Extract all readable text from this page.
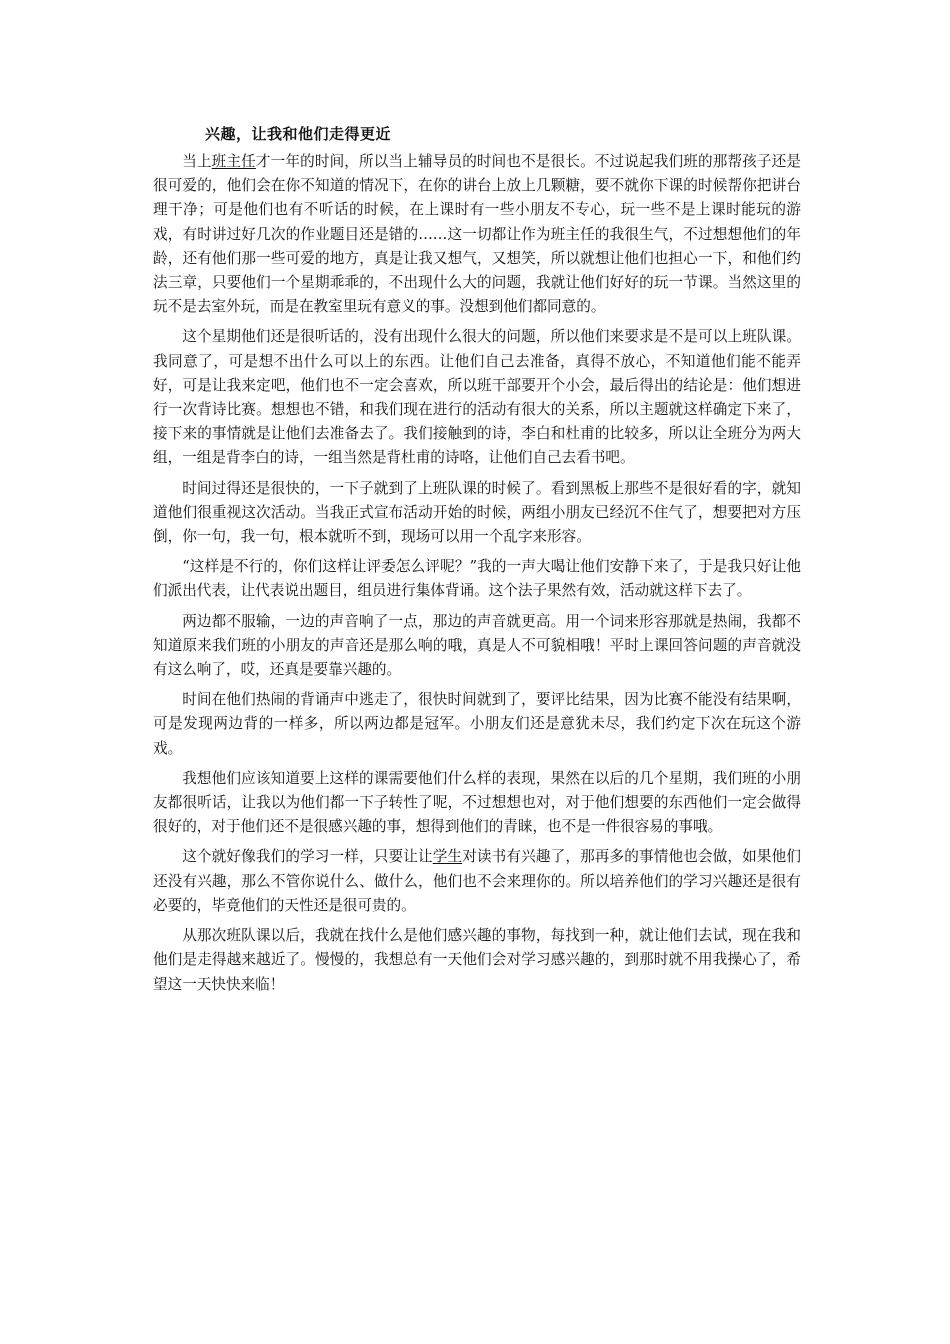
兴趣，让我和他们走得更近

当上班主任才一年的时间，所以当上辅导员的时间也不是很长。不过说起我们班的那帮孩子还是很可爱的，他们会在你不知道的情况下，在你的讲台上放上几颗糖，要不就你下课的时候帮你把讲台理干净；可是他们也有不听话的时候，在上课时有一些小朋友不专心，玩一些不是上课时能玩的游戏，有时讲过好几次的作业题目还是错的……这一切都让作为班主任的我很生气，不过想想他们的年龄，还有他们那一些可爱的地方，真是让我又想气，又想笑，所以就想让他们也担心一下，和他们约法三章，只要他们一个星期乖乖的，不出现什么大的问题，我就让他们好好的玩一节课。当然这里的玩不是去室外玩，而是在教室里玩有意义的事。没想到他们都同意的。

这个星期他们还是很听话的，没有出现什么很大的问题，所以他们来要求是不是可以上班队课。我同意了，可是想不出什么可以上的东西。让他们自己去准备，真得不放心，不知道他们能不能弄好，可是让我来定吧，他们也不一定会喜欢，所以班干部要开个小会，最后得出的结论是：他们想进行一次背诗比赛。想想也不错，和我们现在进行的活动有很大的关系，所以主题就这样确定下来了，接下来的事情就是让他们去准备去了。我们接触到的诗，李白和杜甫的比较多，所以让全班分为两大组，一组是背李白的诗，一组当然是背杜甫的诗咯，让他们自己去看书吧。

时间过得还是很快的，一下子就到了上班队课的时候了。看到黑板上那些不是很好看的字，就知道他们很重视这次活动。当我正式宣布活动开始的时候，两组小朋友已经沉不住气了，想要把对方压倒，你一句，我一句，根本就听不到，现场可以用一个乱字来形容。

“这样是不行的，你们这样让评委怎么评呢？”我的一声大喝让他们安静下来了，于是我只好让他们派出代表，让代表说出题目，组员进行集体背诵。这个法子果然有效，活动就这样下去了。

两边都不服输，一边的声音响了一点，那边的声音就更高。用一个词来形容那就是热闹，我都不知道原来我们班的小朋友的声音还是那么响的哦，真是人不可貌相哦！平时上课回答问题的声音就没有这么响了，哎，还真是要靠兴趣的。

时间在他们热闹的背诵声中逃走了，很快时间就到了，要评比结果，因为比赛不能没有结果啊，可是发现两边背的一样多，所以两边都是冠军。小朋友们还是意犹未尽，我们约定下次在玩这个游戏。

我想他们应该知道要上这样的课需要他们什么样的表现，果然在以后的几个星期，我们班的小朋友都很听话，让我以为他们都一下子转性了呢，不过想想也对，对于他们想要的东西他们一定会做得很好的，对于他们还不是很感兴趣的事，想得到他们的青睐，也不是一件很容易的事哦。

这个就好像我们的学习一样，只要让让学生对读书有兴趣了，那再多的事情他也会做，如果他们还没有兴趣，那么不管你说什么、做什么，他们也不会来理你的。所以培养他们的学习兴趣还是很有必要的，毕竟他们的天性还是很可贵的。

从那次班队课以后，我就在找什么是他们感兴趣的事物，每找到一种，就让他们去试，现在我和他们是走得越来越近了。慢慢的，我想总有一天他们会对学习感兴趣的，到那时就不用我操心了，希望这一天快快来临！
